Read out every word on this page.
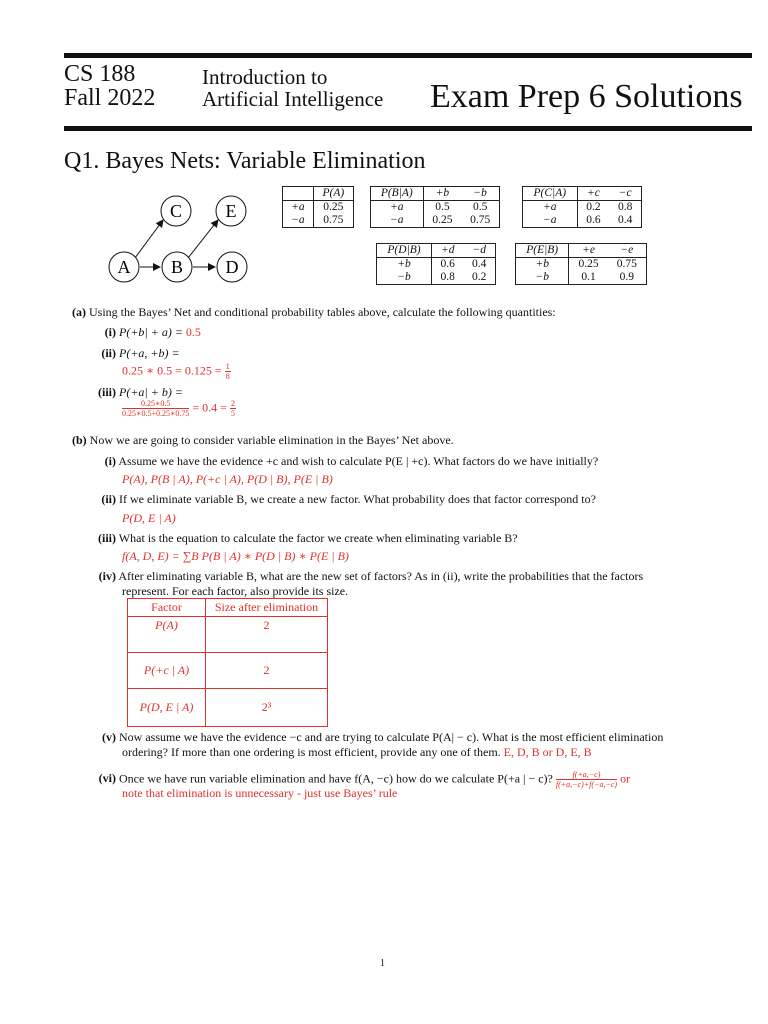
CS 188
Fall 2022
Introduction to
Artificial Intelligence Exam Prep 6 Solutions
Q1. Bayes Nets: Variable Elimination
C E
A B D
	P(A)
+a	0.25
−a	0.75
P(B|A)	+b	−b
+a	0.5	0.5
−a	0.25	0.75
P(C|A)	+c	−c
+a	0.2	0.8
−a	0.6	0.4
P(D|B)	+d	−d
+b	0.6	0.4
−b	0.8	0.2
P(E|B)	+e	−e
+b	0.25	0.75
−b	0.1	0.9
(a) Using the Bayes’ Net and conditional probability tables above, calculate the following quantities:
(i) P(+b| + a) = 0.5
(ii) P(+a, +b) =
0.25 ∗ $0.5 = 0.125 = \frac{1}{8}$
(iii) P(+a| + b) =
$\frac{0.25∗0.5}{0.25∗0.5+0.25∗0.75} = 0.4 = \frac{2}{5}$
(b) Now we are going to consider variable elimination in the Bayes’ Net above.
(i) Assume we have the evidence +c and wish to calculate P(E | +c). What factors do we have initially?
P(A), P(B | A), P(+c | A), P(D | B), P(E | B)
(ii) If we eliminate variable B, we create a new factor. What probability does that factor correspond to?
P(D, E | A)
(iii) What is the equation to calculate the factor we create when eliminating variable B?
f(A, D, E) = ∑B P(B | A) ∗ P(D | B) ∗ P(E | B)
(iv) After eliminating variable B, what are the new set of factors? As in (ii), write the probabilities that the factors
represent. For each factor, also provide its size.
Factor	Size after elimination
P(A)	2
P(+c | A)	2
P(D, E | A)	2³
(v) Now assume we have the evidence −c and are trying to calculate P(A| − c). What is the most efficient elimination
ordering? If more than one ordering is most efficient, provide any one of them. E, D, B or D, E, B
(vi) Once we have run variable elimination and have f(A, −c) how do we calculate P(+a | − c)? $\frac{f(+a,-c)}{f(+a,-c)+f(-a,-c)}$ or
note that elimination is unnecessary - just use Bayes’ rule
1
